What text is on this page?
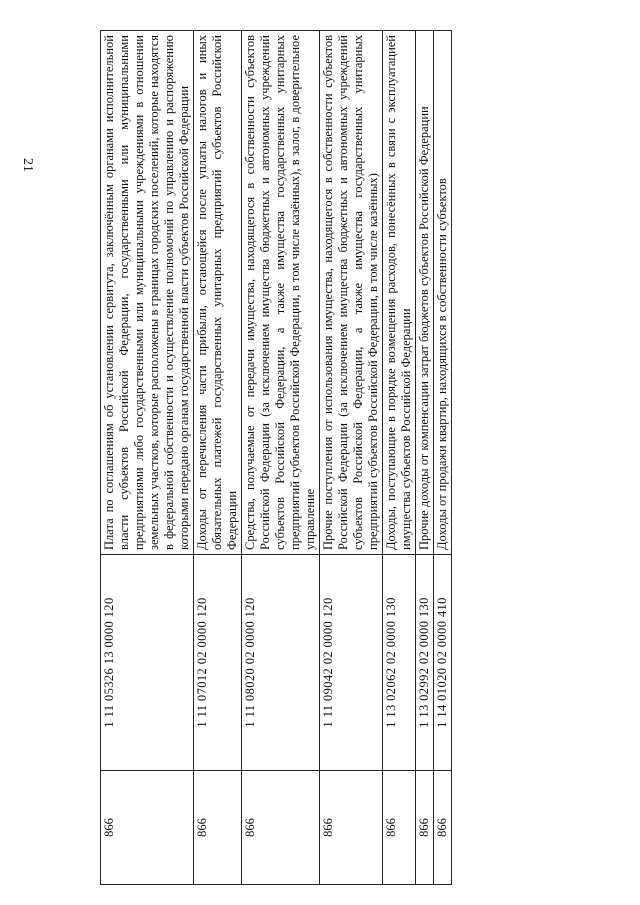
21
866	1 11 05326 13 0000 120	Плата по соглашениям об установлении сервитута, заключённым органами исполнительной власти субъектов Российской Федерации, государственными или муниципальными предприятиями либо государственными или муниципальными учреждениями в отношении земельных участков, которые расположены в границах городских поселений, которые находятся в федеральной собственности и осуществление полномочий по управлению и распоряжению которыми передано органам государственной власти субъектов Российской Федерации
866	1 11 07012 02 0000 120	Доходы от перечисления части прибыли, остающейся после уплаты налогов и иных обязательных платежей государственных унитарных предприятий субъектов Российской Федерации
866	1 11 08020 02 0000 120	Средства, получаемые от передачи имущества, находящегося в собственности субъектов Российской Федерации (за исключением имущества бюджетных и автономных учреждений субъектов Российской Федерации, а также имущества государственных унитарных предприятий субъектов Российской Федерации, в том числе казённых), в залог, в доверительное управление
866	1 11 09042 02 0000 120	Прочие поступления от использования имущества, находящегося в собственности субъектов Российской Федерации (за исключением имущества бюджетных и автономных учреждений субъектов Российской Федерации, а также имущества государственных унитарных предприятий субъектов Российской Федерации, в том числе казённых)
866	1 13 02062 02 0000 130	Доходы, поступающие в порядке возмещения расходов, понесённых в связи с эксплуатацией имущества субъектов Российской Федерации
866	1 13 02992 02 0000 130	Прочие доходы от компенсации затрат бюджетов субъектов Российской Федерации
866	1 14 01020 02 0000 410	Доходы от продажи квартир, находящихся в собственности субъектов
